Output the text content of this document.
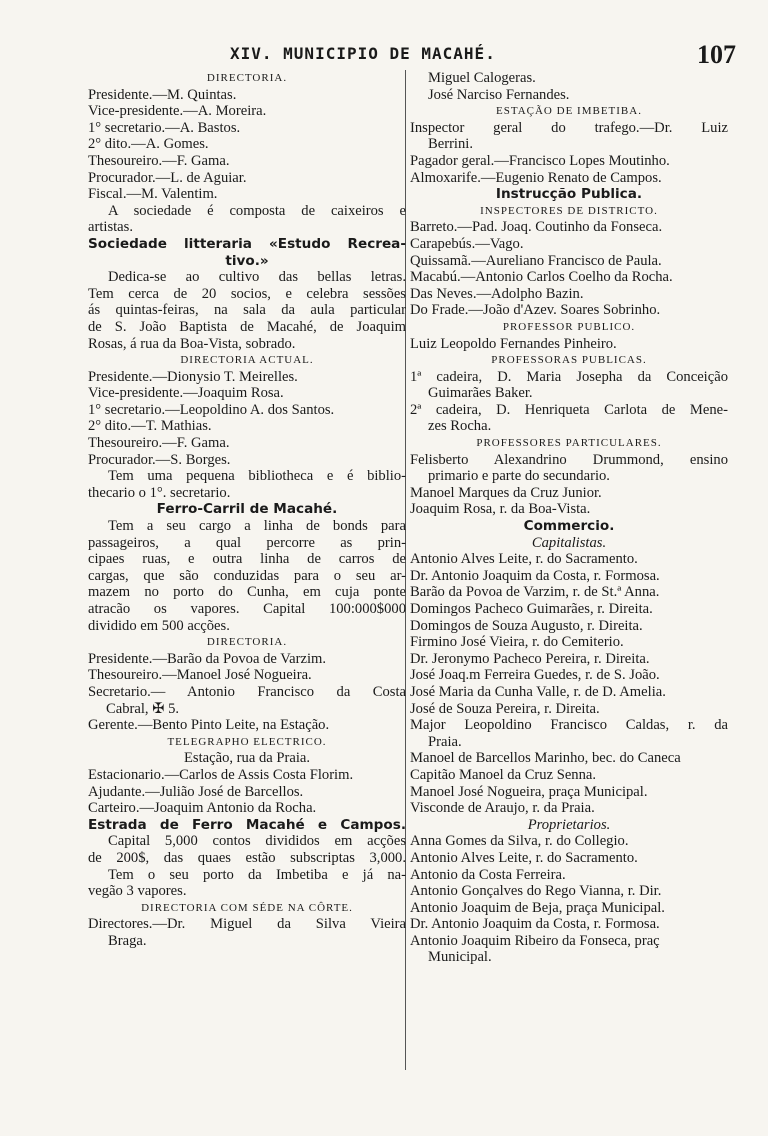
XIV. MUNICIPIO DE MACAHÉ.	107
DIRECTORIA.
Presidente.—M. Quintas.
Vice-presidente.—A. Moreira.
1° secretario.—A. Bastos.
2° dito.—A. Gomes.
Thesoureiro.—F. Gama.
Procurador.—L. de Aguiar.
Fiscal.—M. Valentim.
A sociedade é composta de caixeiros e
artistas.
Sociedade litteraria «Estudo Recrea-
tivo.»
Dedica-se ao cultivo das bellas letras.
Tem cerca de 20 socios, e celebra sessões
ás quintas-feiras, na sala da aula particular
de S. João Baptista de Macahé, de Joaquim
Rosas, á rua da Boa-Vista, sobrado.
DIRECTORIA ACTUAL.
Presidente.—Dionysio T. Meirelles.
Vice-presidente.—Joaquim Rosa.
1° secretario.—Leopoldino A. dos Santos.
2° dito.—T. Mathias.
Thesoureiro.—F. Gama.
Procurador.—S. Borges.
Tem uma pequena bibliotheca e é biblio-
thecario o 1°. secretario.
Ferro-Carril de Macahé.
Tem a seu cargo a linha de bonds para
passageiros, a qual percorre as prin-
cipaes ruas, e outra linha de carros de
cargas, que são conduzidas para o seu ar-
mazem no porto do Cunha, em cuja ponte
atracão os vapores. Capital 100:000$000
dividido em 500 acções.
DIRECTORIA.
Presidente.—Barão da Povoa de Varzim.
Thesoureiro.—Manoel José Nogueira.
Secretario.— Antonio Francisco da Costa
Cabral, ✠ 5.
Gerente.—Bento Pinto Leite, na Estação.
TELEGRAPHO ELECTRICO.
Estação, rua da Praia.
Estacionario.—Carlos de Assis Costa Florim.
Ajudante.—Julião José de Barcellos.
Carteiro.—Joaquim Antonio da Rocha.
Estrada de Ferro Macahé e Campos.
Capital 5,000 contos divididos em acções
de 200$, das quaes estão subscriptas 3,000.
Tem o seu porto da Imbetiba e já na-
vegão 3 vapores.
DIRECTORIA COM SÉDE NA CÔRTE.
Directores.—Dr. Miguel da Silva Vieira
Braga.
Miguel Calogeras.
José Narciso Fernandes.
ESTAÇÃO DE IMBETIBA.
Inspector geral do trafego.—Dr. Luiz
Berrini.
Pagador geral.—Francisco Lopes Moutinho.
Almoxarife.—Eugenio Renato de Campos.
Instrucção Publica.
INSPECTORES DE DISTRICTO.
Barreto.—Pad. Joaq. Coutinho da Fonseca.
Carapebús.—Vago.
Quissamã.—Aureliano Francisco de Paula.
Macabú.—Antonio Carlos Coelho da Rocha.
Das Neves.—Adolpho Bazin.
Do Frade.—João d'Azev. Soares Sobrinho.
PROFESSOR PUBLICO.
Luiz Leopoldo Fernandes Pinheiro.
PROFESSORAS PUBLICAS.
1ª cadeira, D. Maria Josepha da Conceição
Guimarães Baker.
2ª cadeira, D. Henriqueta Carlota de Mene-
zes Rocha.
PROFESSORES PARTICULARES.
Felisberto Alexandrino Drummond, ensino
primario e parte do secundario.
Manoel Marques da Cruz Junior.
Joaquim Rosa, r. da Boa-Vista.
Commercio.
Capitalistas.
Antonio Alves Leite, r. do Sacramento.
Dr. Antonio Joaquim da Costa, r. Formosa.
Barão da Povoa de Varzim, r. de St.ª Anna.
Domingos Pacheco Guimarães, r. Direita.
Domingos de Souza Augusto, r. Direita.
Firmino José Vieira, r. do Cemiterio.
Dr. Jeronymo Pacheco Pereira, r. Direita.
José Joaq.m Ferreira Guedes, r. de S. João.
José Maria da Cunha Valle, r. de D. Amelia.
José de Souza Pereira, r. Direita.
Major Leopoldino Francisco Caldas, r. da
Praia.
Manoel de Barcellos Marinho, bec. do Caneca
Capitão Manoel da Cruz Senna.
Manoel José Nogueira, praça Municipal.
Visconde de Araujo, r. da Praia.
Proprietarios.
Anna Gomes da Silva, r. do Collegio.
Antonio Alves Leite, r. do Sacramento.
Antonio da Costa Ferreira.
Antonio Gonçalves do Rego Vianna, r. Dir.
Antonio Joaquim de Beja, praça Municipal.
Dr. Antonio Joaquim da Costa, r. Formosa.
Antonio Joaquim Ribeiro da Fonseca, praç
Municipal.
